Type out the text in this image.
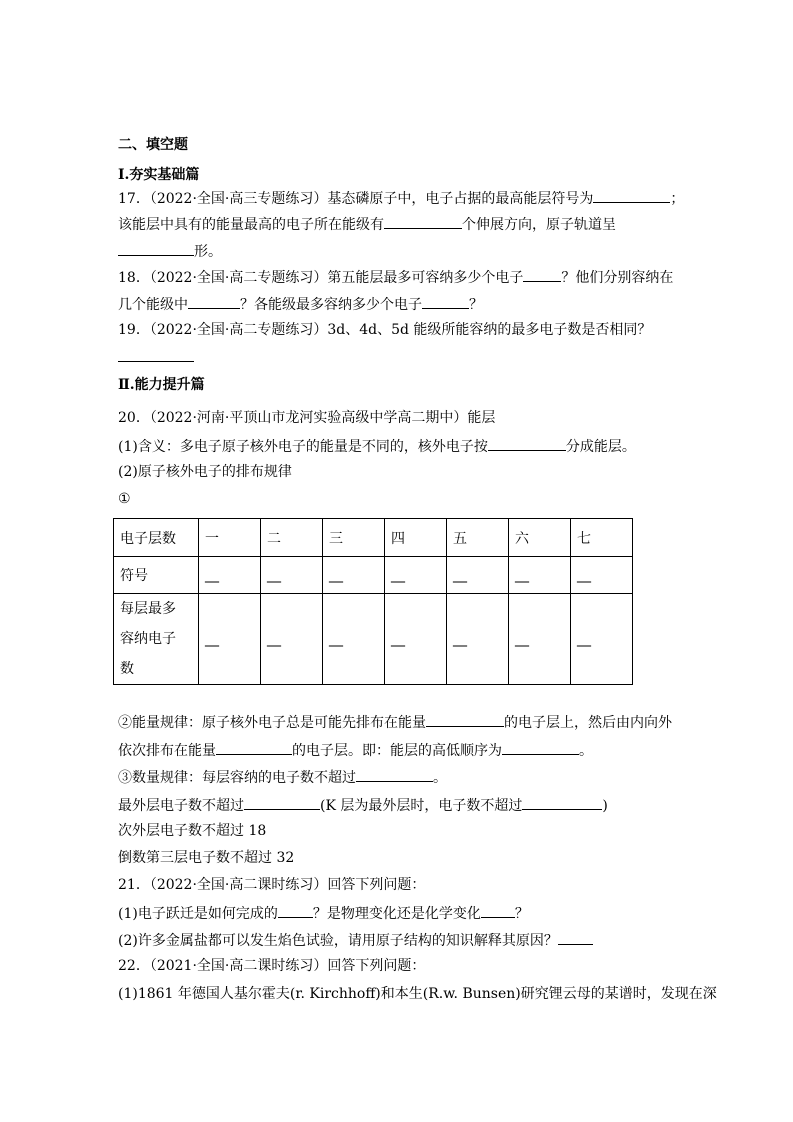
二、填空题
Ⅰ.夯实基础篇
17．（2022·全国·高三专题练习）基态磷原子中，电子占据的最高能层符号为	；
该能层中具有的能量最高的电子所在能级有	个伸展方向，原子轨道呈
形。
18．（2022·全国·高二专题练习）第五能层最多可容纳多少个电子	？他们分别容纳在
几个能级中	？各能级最多容纳多少个电子	？
19．（2022·全国·高二专题练习）3d、4d、5d 能级所能容纳的最多电子数是否相同？
Ⅱ.能力提升篇
20．（2022·河南·平顶山市龙河实验高级中学高二期中）能层
(1)含义：多电子原子核外电子的能量是不同的，核外电子按	分成能层。
(2)原子核外电子的排布规律
①
电子层数	一	二	三	四	五	六	七
符号	__	__	__	__	__	__	__
每层最多
容纳电子
数	__	__	__	__	__	__	__
②能量规律：原子核外电子总是可能先排布在能量	的电子层上，然后由内向外
依次排布在能量	的电子层。即：能层的高低顺序为	。
③数量规律：每层容纳的电子数不超过	。
最外层电子数不超过	(K 层为最外层时，电子数不超过	)
次外层电子数不超过 18
倒数第三层电子数不超过 32
21．（2022·全国·高二课时练习）回答下列问题：
(1)电子跃迁是如何完成的	？是物理变化还是化学变化 ？
(2)许多金属盐都可以发生焰色试验，请用原子结构的知识解释其原因？
22．（2021·全国·高二课时练习）回答下列问题：
(1)1861 年德国人基尔霍夫(r. Kirchhoff)和本生(R.w. Bunsen)研究锂云母的某谱时，发现在深
